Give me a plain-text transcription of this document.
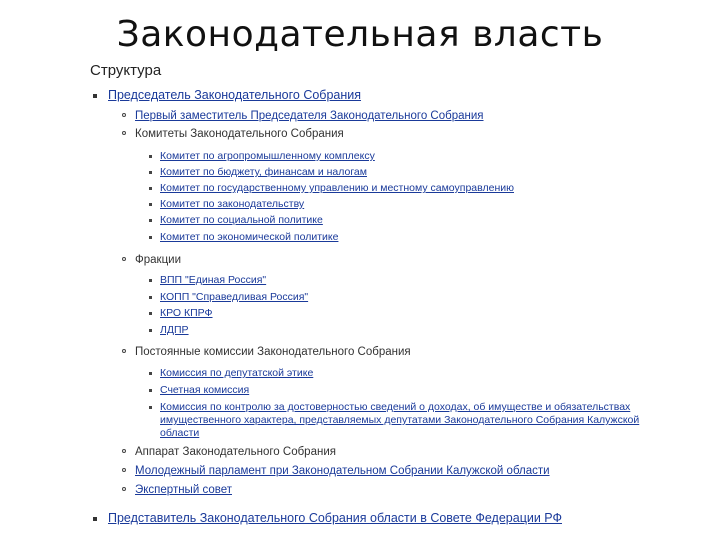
Законодательная власть
Структура
Председатель Законодательного Собрания
Первый заместитель Председателя Законодательного Собрания
Комитеты Законодательного Собрания
Комитет по агропромышленному комплексу
Комитет по бюджету, финансам и налогам
Комитет по государственному управлению и местному самоуправлению
Комитет по законодательству
Комитет по социальной политике
Комитет по экономической политике
Фракции
ВПП "Единая Россия"
КОПП "Справедливая Россия"
КРО КПРФ
ЛДПР
Постоянные комиссии Законодательного Собрания
Комиссия по депутатской этике
Счетная комиссия
Комиссия по контролю за достоверностью сведений о доходах, об имуществе и обязательствах имущественного характера, представляемых депутатами Законодательного Собрания Калужской области
Аппарат Законодательного Собрания
Молодежный парламент при Законодательном Собрании Калужской области
Экспертный совет
Представитель Законодательного Собрания области в Совете Федерации РФ
